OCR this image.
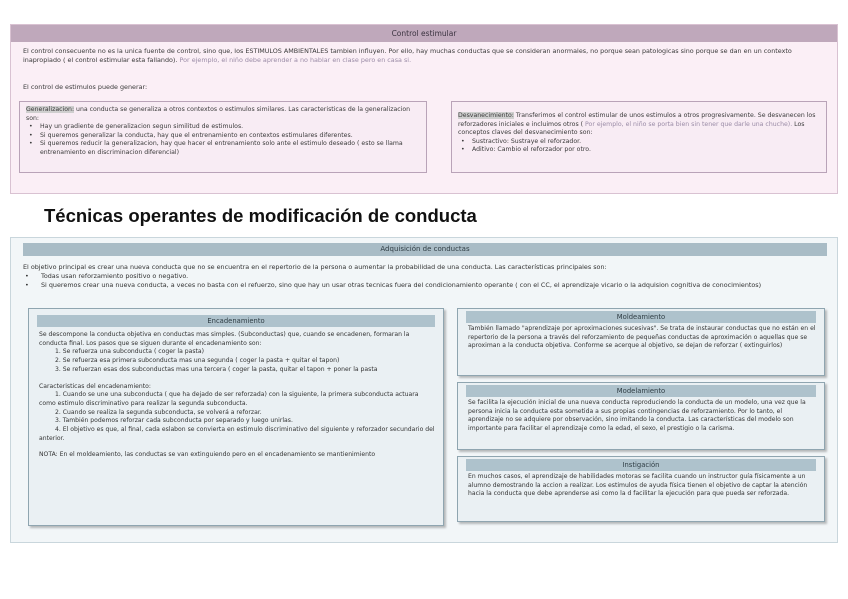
Control estimular
El control consecuente no es la unica fuente de control, sino que, los ESTIMULOS AMBIENTALES tambien influyen. Por ello, hay muchas conductas que se consideran anormales, no porque sean patologicas sino porque se dan en un contexto inapropiado ( el control estimular esta fallando). Por ejemplo, el niño debe aprender a no hablar en clase pero en casa si.
El control de estimulos puede generar:
Generalizacion: una conducta se generaliza a otros contextos o estimulos similares. Las caracteristicas de la generalizacion son:
• Hay un gradiente de generalizacion segun similitud de estimulos.
• Si queremos generalizar la conducta, hay que el entrenamiento en contextos estimulares diferentes.
• Si queremos reducir la generalizacion, hay que hacer el entrenamiento solo ante el estimulo deseado ( esto se llama entrenamiento en discriminacion diferencial)
Desvanecimiento: Transferimos el control estimular de unos estimulos a otros progresivamente. Se desvanecen los reforzadores iniciales e incluimos otros ( Por ejemplo, el niño se porta bien sin tener que darle una chuche). Los conceptos claves del desvanecimiento son:
• Sustractivo: Sustraye el reforzador.
• Aditivo: Cambio el reforzador por otro.
Técnicas operantes de modificación de conducta
Adquisición de conductas
El objetivo principal es crear una nueva conducta que no se encuentra en el repertorio de la persona o aumentar la probabilidad de una conducta. Las características principales son:
• Todas usan reforzamiento positivo o negativo.
• Si queremos crear una nueva conducta, a veces no basta con el refuerzo, sino que hay un usar otras tecnicas fuera del condicionamiento operante ( con el CC, el aprendizaje vicario o la adquision cognitiva de conocimientos)
Encadenamiento
Se descompone la conducta objetiva en conductas mas simples. (Subconductas) que, cuando se encadenen, formaran la conducta final. Los pasos que se siguen durante el encadenamiento son:
1. Se refuerza una subconducta ( coger la pasta)
2. Se refuerza esa primera subconducta mas una segunda ( coger la pasta + quitar el tapon)
3. Se refuerzan esas dos subconductas mas una tercera ( coger la pasta, quitar el tapon + poner la pasta
Caracteristicas del encadenamiento:
1. Cuando se une una subconducta ( que ha dejado de ser reforzada) con la siguiente, la primera subconducta actuara como estimulo discriminativo para realizar la segunda subconducta.
2. Cuando se realiza la segunda subconducta, se volverá a reforzar.
3. También podemos reforzar cada subconducta por separado y luego unirlas.
4. El objetivo es que, al final, cada eslabon se convierta en estimulo discriminativo del siguiente y reforzador secundario del anterior.
NOTA: En el moldeamiento, las conductas se van extinguiendo pero en el encadenamiento se mantienimiento
Moldeamiento
También llamado "aprendizaje por aproximaciones sucesivas". Se trata de instaurar conductas que no están en el repertorio de la persona a través del reforzamiento de pequeñas conductas de aproximación o aquellas que se aproximan a la conducta objetiva. Conforme se acerque al objetivo, se dejan de reforzar ( extinguirlos)
Modelamiento
Se facilita la ejecución inicial de una nueva conducta reproduciendo la conducta de un modelo, una vez que la persona inicia la conducta esta sometida a sus propias contingencias de reforzamiento. Por lo tanto, el aprendizaje no se adquiere por observación, sino imitando la conducta. Las características del modelo son importante para facilitar el aprendizaje como la edad, el sexo, el prestigio o la carisma.
Instigación
En muchos casos, el aprendizaje de habilidades motoras se facilita cuando un instructor guía físicamente a un alumno demostrando la accion a realizar. Los estimulos de ayuda física tienen el objetivo de captar la atención hacia la conducta que debe aprenderse asi como la d facilitar la ejecución para que pueda ser reforzada.
